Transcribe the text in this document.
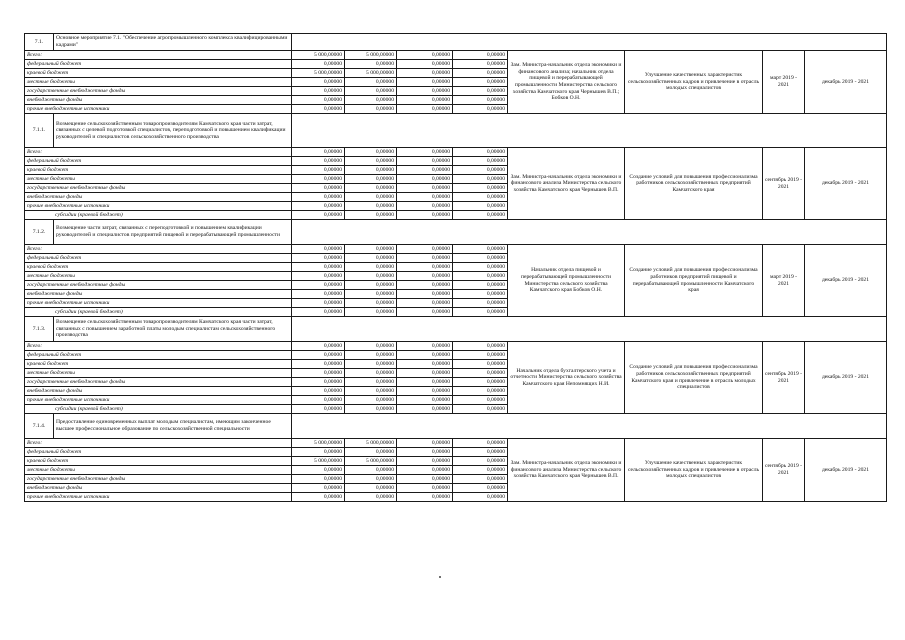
7.1.	Основное мероприятие 7.1. "Обеспечение агропромышленного комплекса квалифицированными кадрами"								
Всего:		5 000,00000	5 000,00000	0,00000	0,00000	Зам. Министра-начальник отдела экономики и финансового анализа; начальник отдела пищевой и перерабатывающей промышленности Министерства сельского хозяйства Камчатского края Чернышев В.П.; Бобков О.Н.	Улучшение качественных характеристик сельскохозяйственных кадров и привлечение в отрасль молодых специалистов	март 2019 - 2021	декабрь 2019 - 2021
федеральный бюджет		0,00000	0,00000	0,00000	0,00000				
краевой бюджет		5 000,00000	5 000,00000	0,00000	0,00000				
местные бюджеты		0,00000	0,00000	0,00000	0,00000				
государственные внебюджетные фонды		0,00000	0,00000	0,00000	0,00000				
внебюджетные фонды		0,00000	0,00000	0,00000	0,00000				
прочие внебюджетные источники		0,00000	0,00000	0,00000	0,00000				
7.1.1.	Возмещение сельскохозяйственным товаропроизводителям Камчатского края части затрат, связанных с целевой подготовкой специалистов, переподготовкой и повышением квалификации руководителей и специалистов сельскохозяйственного производства								
Всего:		0,00000	0,00000	0,00000	0,00000	Зам. Министра-начальник отдела экономики и финансового анализа Министерства сельского хозяйства Камчатского края Чернышев В.П.	Создание условий для повышения профессионализма работников сельскохозяйственных предприятий Камчатского края	сентябрь 2019 - 2021	декабрь 2019 - 2021
федеральный бюджет		0,00000	0,00000	0,00000	0,00000				
краевой бюджет		0,00000	0,00000	0,00000	0,00000				
местные бюджеты		0,00000	0,00000	0,00000	0,00000				
государственные внебюджетные фонды		0,00000	0,00000	0,00000	0,00000				
внебюджетные фонды		0,00000	0,00000	0,00000	0,00000				
прочие внебюджетные источники		0,00000	0,00000	0,00000	0,00000				
субсидии (краевой бюджет)		0,00000	0,00000	0,00000	0,00000				
7.1.2.	Возмещение части затрат, связанных с переподготовкой и повышением квалификации руководителей и специалистов предприятий пищевой и перерабатывающей промышленности								
Всего:		0,00000	0,00000	0,00000	0,00000	Начальник отдела пищевой и перерабатывающей промышленности Министерства сельского хозяйства Камчатского края Бобков О.Н.	Создание условий для повышения профессионализма работников предприятий пищевой и перерабатывающей промышленности Камчатского края	март 2019 - 2021	декабрь 2019 - 2021
федеральный бюджет		0,00000	0,00000	0,00000	0,00000				
краевой бюджет		0,00000	0,00000	0,00000	0,00000				
местные бюджеты		0,00000	0,00000	0,00000	0,00000				
государственные внебюджетные фонды		0,00000	0,00000	0,00000	0,00000				
внебюджетные фонды		0,00000	0,00000	0,00000	0,00000				
прочие внебюджетные источники		0,00000	0,00000	0,00000	0,00000				
субсидии (краевой бюджет)		0,00000	0,00000	0,00000	0,00000				
7.1.3.	Возмещение сельскохозяйственным товаропроизводителям Камчатского края части затрат, связанных с повышением заработной платы молодым специалистам сельскохозяйственного производства								
Всего:		0,00000	0,00000	0,00000	0,00000	Начальник отдела бухгалтерского учета и отчетности Министерства сельского хозяйства Камчатского края Непомнящих Н.И.	Создание условий для повышения профессионализма работников сельскохозяйственных предприятий Камчатского края и привлечение в отрасль молодых специалистов	сентябрь 2019 - 2021	декабрь 2019 - 2021
федеральный бюджет		0,00000	0,00000	0,00000	0,00000				
краевой бюджет		0,00000	0,00000	0,00000	0,00000				
местные бюджеты		0,00000	0,00000	0,00000	0,00000				
государственные внебюджетные фонды		0,00000	0,00000	0,00000	0,00000				
внебюджетные фонды		0,00000	0,00000	0,00000	0,00000				
прочие внебюджетные источники		0,00000	0,00000	0,00000	0,00000				
субсидии (краевой бюджет)		0,00000	0,00000	0,00000	0,00000				
7.1.4.	Предоставление единовременных выплат молодым специалистам, имеющим законченное высшее профессиональное образование по сельскохозяйственной специальности								
Всего:		5 000,00000	5 000,00000	0,00000	0,00000	Зам. Министра-начальник отдела экономики и финансового анализа Министерства сельского хозяйства Камчатского края Чернышев В.П.	Улучшение качественных характеристик сельскохозяйственных кадров и привлечение в отрасль молодых специалистов	сентябрь 2019 - 2021	декабрь 2019 - 2021
федеральный бюджет		0,00000	0,00000	0,00000	0,00000				
краевой бюджет		5 000,00000	5 000,00000	0,00000	0,00000				
местные бюджеты		0,00000	0,00000	0,00000	0,00000				
государственные внебюджетные фонды		0,00000	0,00000	0,00000	0,00000				
внебюджетные фонды		0,00000	0,00000	0,00000	0,00000				
прочие внебюджетные источники		0,00000	0,00000	0,00000	0,00000				
